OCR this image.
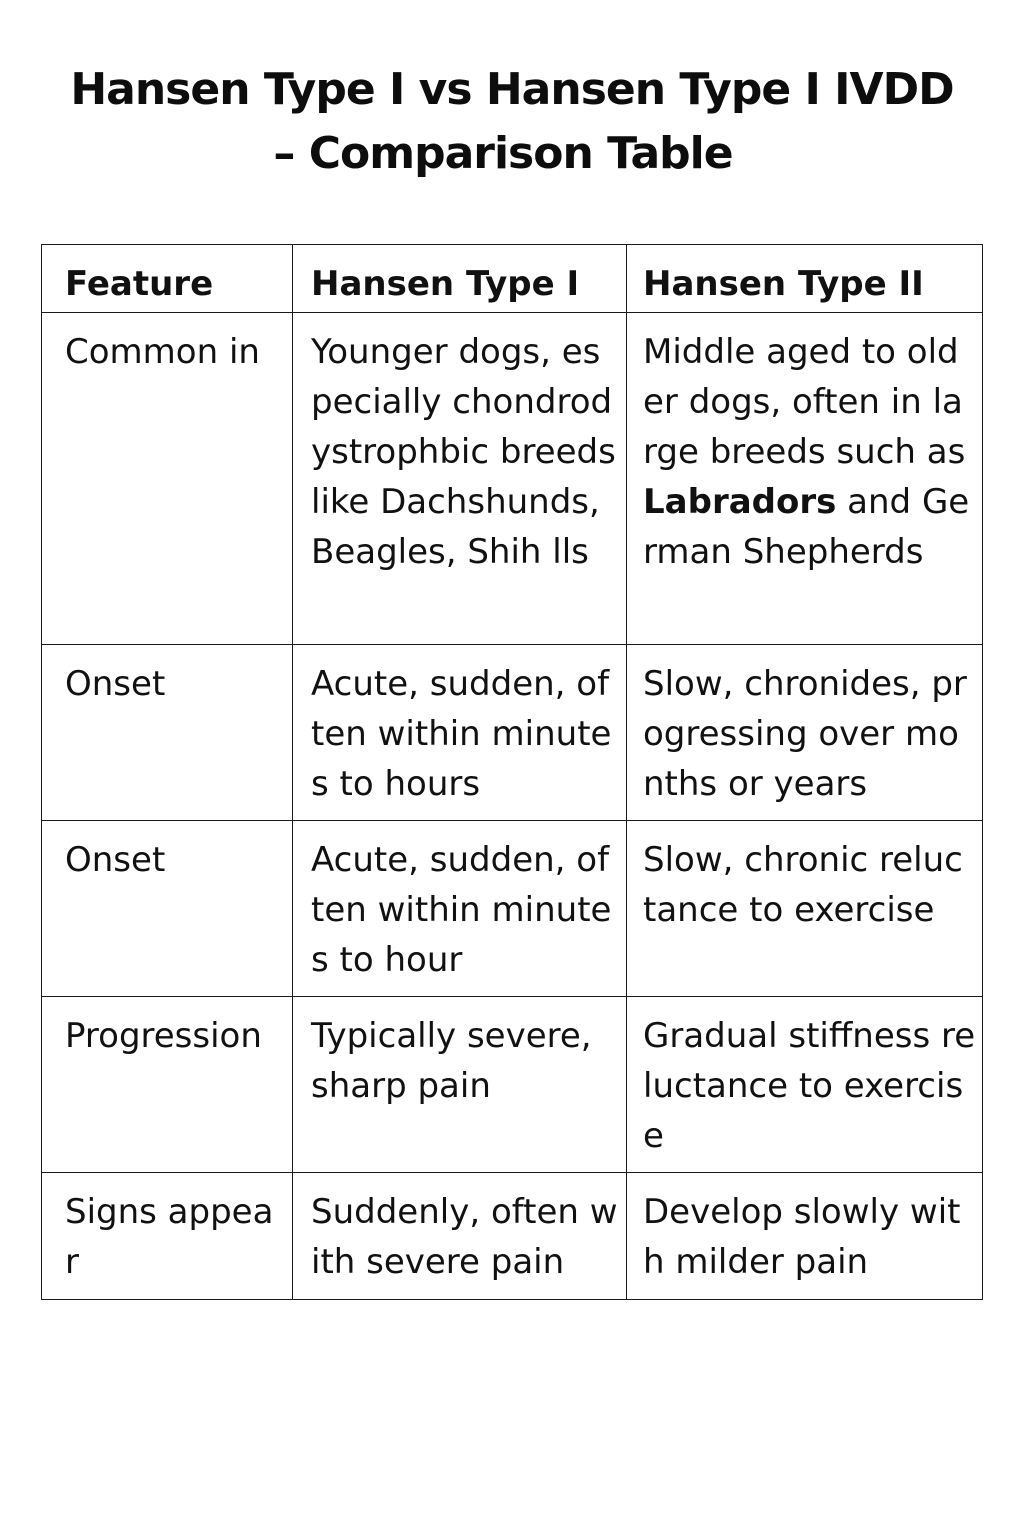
Hansen Type I vs Hansen Type I IVDD
– Comparison Table
Feature	Hansen Type I	Hansen Type II
Common in	Younger dogs, especially chondrodystrophbic breeds like Dachshunds, Beagles, Shih lls	Middle aged to older dogs, often in large breeds such as Labradors and German Shepherds
Onset	Acute, sudden, often within minutes to hours	Slow, chronides, progressing over months or years
Onset	Acute, sudden, often within minutes to hour	Slow, chronic reluctance to exercise
Progression	Typically severe, sharp pain	Gradual stiffness reluctance to exercise
Signs appear	Suddenly, often with severe pain	Develop slowly with milder pain
